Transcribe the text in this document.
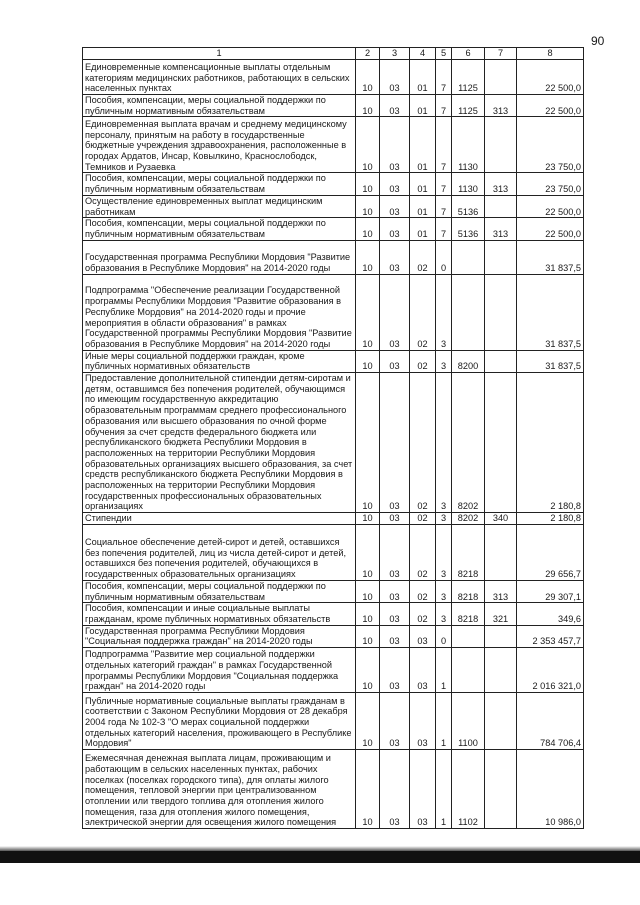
90
1	2	3	4	5	6	7	8
Единовременные компенсационные выплаты отдельным категориям медицинских работников, работающих в сельских населенных пунктах	10	03	01	7	1125		22 500,0
Пособия, компенсации, меры социальной поддержки по публичным нормативным обязательствам	10	03	01	7	1125	313	22 500,0
Единовременная выплата врачам и среднему медицинскому персоналу, принятым на работу в государственные бюджетные учреждения здравоохранения, расположенные в городах Ардатов, Инсар, Ковылкино, Краснослободск, Темников и Рузаевка	10	03	01	7	1130		23 750,0
Пособия, компенсации, меры социальной поддержки по публичным нормативным обязательствам	10	03	01	7	1130	313	23 750,0
Осуществление единовременных выплат медицинским работникам	10	03	01	7	5136		22 500,0
Пособия, компенсации, меры социальной поддержки по публичным нормативным обязательствам	10	03	01	7	5136	313	22 500,0
Государственная программа Республики Мордовия "Развитие образования в Республике Мордовия" на 2014-2020 годы	10	03	02	0			31 837,5
Подпрограмма "Обеспечение реализации Государственной программы Республики Мордовия "Развитие образования в Республике Мордовия" на 2014-2020 годы и прочие мероприятия в области образования" в рамках Государственной программы Республики Мордовия "Развитие образования в Республике Мордовия" на 2014-2020 годы	10	03	02	3			31 837,5
Иные меры социальной поддержки граждан, кроме публичных нормативных обязательств	10	03	02	3	8200		31 837,5
Предоставление дополнительной стипендии детям-сиротам и детям, оставшимся без попечения родителей, обучающимся по имеющим государственную аккредитацию образовательным программам среднего профессионального образования или высшего образования по очной форме обучения за счет средств федерального бюджета или республиканского бюджета Республики Мордовия в расположенных на территории Республики Мордовия образовательных организациях высшего образования, за счет средств республиканского бюджета Республики Мордовия в расположенных на территории Республики Мордовия государственных профессиональных образовательных организациях	10	03	02	3	8202		2 180,8
Стипендии	10	03	02	3	8202	340	2 180,8
Социальное обеспечение детей-сирот и детей, оставшихся без попечения родителей, лиц из числа детей-сирот и детей, оставшихся без попечения родителей, обучающихся в государственных образовательных организациях	10	03	02	3	8218		29 656,7
Пособия, компенсации, меры социальной поддержки по публичным нормативным обязательствам	10	03	02	3	8218	313	29 307,1
Пособия, компенсации и иные социальные выплаты гражданам, кроме публичных нормативных обязательств	10	03	02	3	8218	321	349,6
Государственная программа Республики Мордовия "Социальная поддержка граждан" на 2014-2020 годы	10	03	03	0			2 353 457,7
Подпрограмма "Развитие мер социальной поддержки отдельных категорий граждан" в рамках Государственной программы Республики Мордовия "Социальная поддержка граждан" на 2014-2020 годы	10	03	03	1			2 016 321,0
Публичные нормативные социальные выплаты гражданам в соответствии с Законом Республики Мордовия от 28 декабря 2004 года № 102-З "О мерах социальной поддержки отдельных категорий населения, проживающего в Республике Мордовия"	10	03	03	1	1100		784 706,4
Ежемесячная денежная выплата лицам, проживающим и работающим в сельских населенных пунктах, рабочих поселках (поселках городского типа), для оплаты жилого помещения, тепловой энергии при централизованном отоплении или твердого топлива для отопления жилого помещения, газа для отопления жилого помещения, электрической энергии для освещения жилого помещения	10	03	03	1	1102		10 986,0
